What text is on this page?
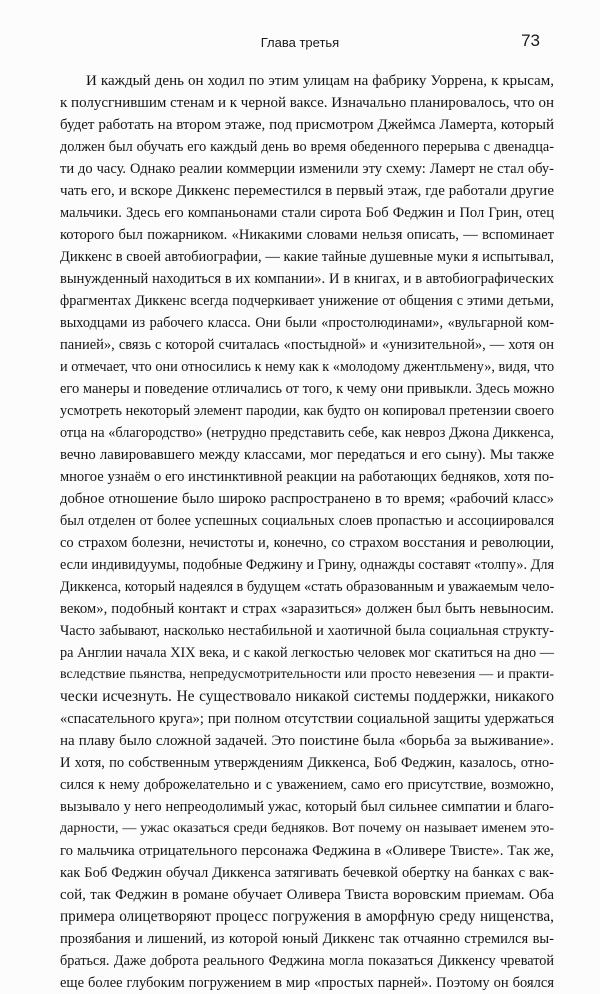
Глава третья	73
И каждый день он ходил по этим улицам на фабрику Уоррена, к крысам,
к полусгнившим стенам и к черной ваксе. Изначально планировалось, что он
будет работать на втором этаже, под присмотром Джеймса Ламерта, который
должен был обучать его каждый день во время обеденного перерыва с двенадца-
ти до часу. Однако реалии коммерции изменили эту схему: Ламерт не стал обу-
чать его, и вскоре Диккенс переместился в первый этаж, где работали другие
мальчики. Здесь его компаньонами стали сирота Боб Феджин и Пол Грин, отец
которого был пожарником. «Никакими словами нельзя описать, — вспоминает
Диккенс в своей автобиографии, — какие тайные душевные муки я испытывал,
вынужденный находиться в их компании». И в книгах, и в автобиографических
фрагментах Диккенс всегда подчеркивает унижение от общения с этими детьми,
выходцами из рабочего класса. Они были «простолюдинами», «вульгарной ком-
панией», связь с которой считалась «постыдной» и «унизительной», — хотя он
и отмечает, что они относились к нему как к «молодому джентльмену», видя, что
его манеры и поведение отличались от того, к чему они привыкли. Здесь можно
усмотреть некоторый элемент пародии, как будто он копировал претензии своего
отца на «благородство» (нетрудно представить себе, как невроз Джона Диккенса,
вечно лавировавшего между классами, мог передаться и его сыну). Мы также
многое узнаём о его инстинктивной реакции на работающих бедняков, хотя по-
добное отношение было широко распространено в то время; «рабочий класс»
был отделен от более успешных социальных слоев пропастью и ассоциировался
со страхом болезни, нечистоты и, конечно, со страхом восстания и революции,
если индивидуумы, подобные Феджину и Грину, однажды составят «толпу». Для
Диккенса, который надеялся в будущем «стать образованным и уважаемым чело-
веком», подобный контакт и страх «заразиться» должен был быть невыносим.
Часто забывают, насколько нестабильной и хаотичной была социальная структу-
ра Англии начала XIX века, и с какой легкостью человек мог скатиться на дно —
вследствие пьянства, непредусмотрительности или просто невезения — и практи-
чески исчезнуть. Не существовало никакой системы поддержки, никакого
«спасательного круга»; при полном отсутствии социальной защиты удержаться
на плаву было сложной задачей. Это поистине была «борьба за выживание».
И хотя, по собственным утверждениям Диккенса, Боб Феджин, казалось, отно-
сился к нему доброжелательно и с уважением, само его присутствие, возможно,
вызывало у него непреодолимый ужас, который был сильнее симпатии и благо-
дарности, — ужас оказаться среди бедняков. Вот почему он называет именем это-
го мальчика отрицательного персонажа Феджина в «Оливере Твисте». Так же,
как Боб Феджин обучал Диккенса затягивать бечевкой обертку на банках с вак-
сой, так Феджин в романе обучает Оливера Твиста воровским приемам. Оба
примера олицетворяют процесс погружения в аморфную среду нищенства,
прозябания и лишений, из которой юный Диккенс так отчаянно стремился вы-
браться. Даже доброта реального Феджина могла показаться Диккенсу чреватой
еще более глубоким погружением в мир «простых парней». Поэтому он боялся
